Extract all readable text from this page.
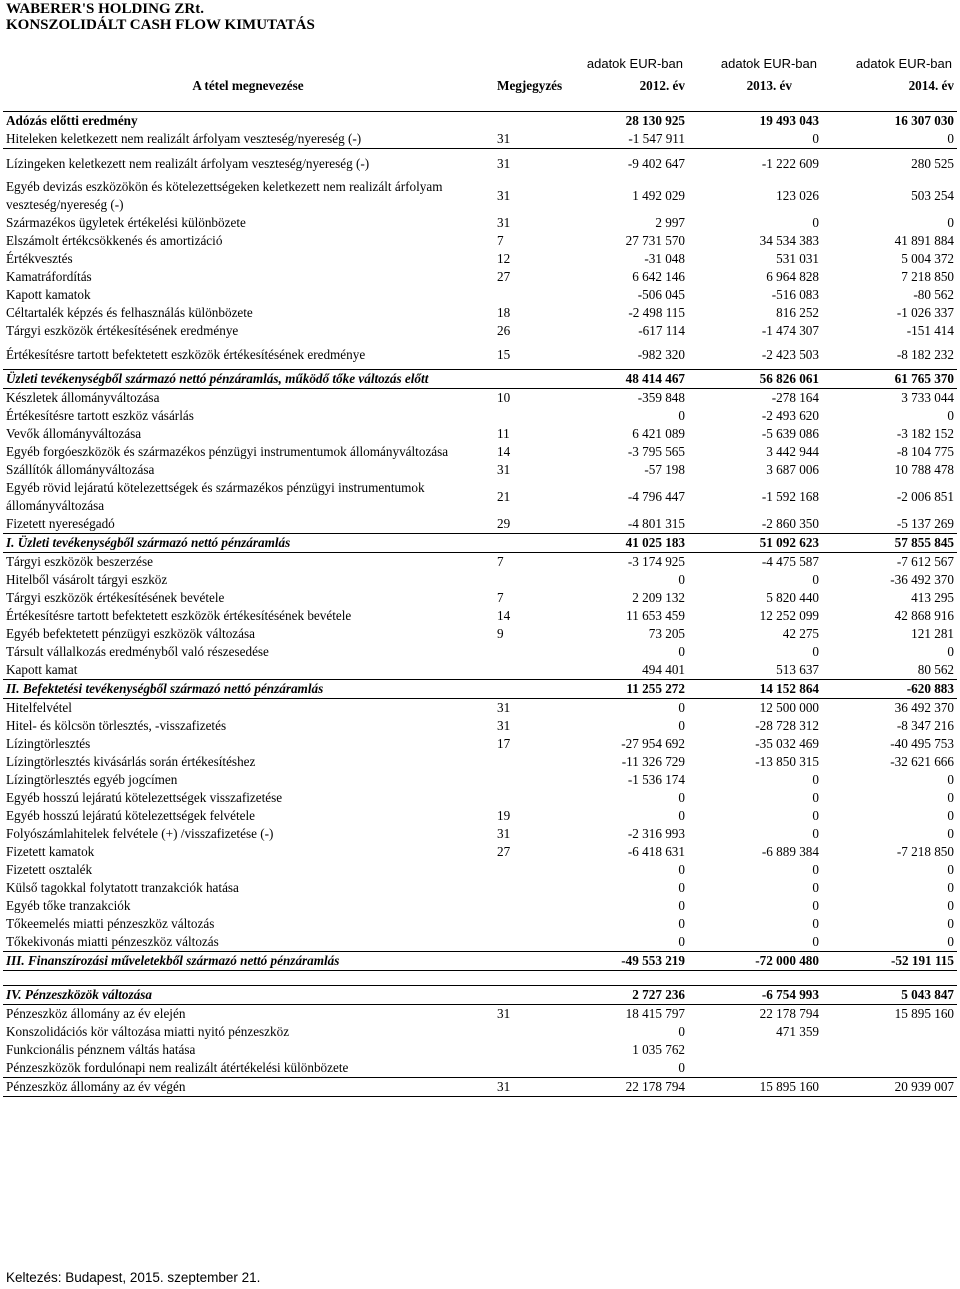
WABERER'S HOLDING ZRt.
KONSZOLIDÁLT CASH FLOW KIMUTATÁS
adatok EUR-ban	adatok EUR-ban	adatok EUR-ban
A tétel megnevezése	Megjegyzés	2012. év	2013. év	2014. év

Adózás előtti eredmény		28 130 925	19 493 043	16 307 030
Hiteleken keletkezett nem realizált árfolyam veszteség/nyereség (-)	31	-1 547 911	0	0
Lízingeken keletkezett nem realizált árfolyam veszteség/nyereség (-)	31	-9 402 647	-1 222 609	280 525
Egyéb devizás eszközökön és kötelezettségeken keletkezett nem realizált árfolyam veszteség/nyereség (-)	31	1 492 029	123 026	503 254
Származékos ügyletek értékelési különbözete	31	2 997	0	0
Elszámolt értékcsökkenés és amortizáció	7	27 731 570	34 534 383	41 891 884
Értékvesztés	12	-31 048	531 031	5 004 372
Kamatráfordítás	27	6 642 146	6 964 828	7 218 850
Kapott kamatok		-506 045	-516 083	-80 562
Céltartalék képzés és felhasználás különbözete	18	-2 498 115	816 252	-1 026 337
Tárgyi eszközök értékesítésének eredménye	26	-617 114	-1 474 307	-151 414
Értékesítésre tartott befektetett eszközök értékesítésének eredménye	15	-982 320	-2 423 503	-8 182 232
Üzleti tevékenységből származó nettó pénzáramlás, működő tőke változás előtt		48 414 467	56 826 061	61 765 370
Készletek állományváltozása	10	-359 848	-278 164	3 733 044
Értékesítésre tartott eszköz vásárlás		0	-2 493 620	0
Vevők állományváltozása	11	6 421 089	-5 639 086	-3 182 152
Egyéb forgóeszközök és származékos pénzügyi instrumentumok állományváltozása	14	-3 795 565	3 442 944	-8 104 775
Szállítók állományváltozása	31	-57 198	3 687 006	10 788 478
Egyéb rövid lejáratú kötelezettségek és származékos pénzügyi instrumentumok állományváltozása	21	-4 796 447	-1 592 168	-2 006 851
Fizetett nyereségadó	29	-4 801 315	-2 860 350	-5 137 269
I. Üzleti tevékenységből származó nettó pénzáramlás		41 025 183	51 092 623	57 855 845
Tárgyi eszközök beszerzése	7	-3 174 925	-4 475 587	-7 612 567
Hitelből vásárolt tárgyi eszköz		0	0	-36 492 370
Tárgyi eszközök értékesítésének bevétele	7	2 209 132	5 820 440	413 295
Értékesítésre tartott befektetett eszközök értékesítésének bevétele	14	11 653 459	12 252 099	42 868 916
Egyéb befektetett pénzügyi eszközök változása	9	73 205	42 275	121 281
Társult vállalkozás eredményből való részesedése		0	0	0
Kapott kamat		494 401	513 637	80 562
II. Befektetési tevékenységből származó nettó pénzáramlás		11 255 272	14 152 864	-620 883
Hitelfelvétel	31	0	12 500 000	36 492 370
Hitel- és kölcsön törlesztés, -visszafizetés	31	0	-28 728 312	-8 347 216
Lízingtörlesztés	17	-27 954 692	-35 032 469	-40 495 753
Lízingtörlesztés kivásárlás során értékesítéshez		-11 326 729	-13 850 315	-32 621 666
Lízingtörlesztés egyéb jogcímen		-1 536 174	0	0
Egyéb hosszú lejáratú kötelezettségek visszafizetése		0	0	0
Egyéb hosszú lejáratú kötelezettségek felvétele	19	0	0	0
Folyószámlahitelek felvétele (+) /visszafizetése (-)	31	-2 316 993	0	0
Fizetett kamatok	27	-6 418 631	-6 889 384	-7 218 850
Fizetett osztalék		0	0	0
Külső tagokkal folytatott tranzakciók hatása		0	0	0
Egyéb tőke tranzakciók		0	0	0
Tőkeemelés miatti pénzeszköz változás		0	0	0
Tőkekivonás miatti pénzeszköz változás		0	0	0
III. Finanszírozási műveletekből származó nettó pénzáramlás		-49 553 219	-72 000 480	-52 191 115

IV. Pénzeszközök változása		2 727 236	-6 754 993	5 043 847
Pénzeszköz állomány az év elején	31	18 415 797	22 178 794	15 895 160
Konszolidációs kör változása miatti nyitó pénzeszköz		0	471 359	
Funkcionális pénznem váltás hatása		1 035 762		
Pénzeszközök fordulónapi nem realizált átértékelési különbözete		0		
Pénzeszköz állomány az év végén	31	22 178 794	15 895 160	20 939 007
Keltezés: Budapest, 2015. szeptember 21.
